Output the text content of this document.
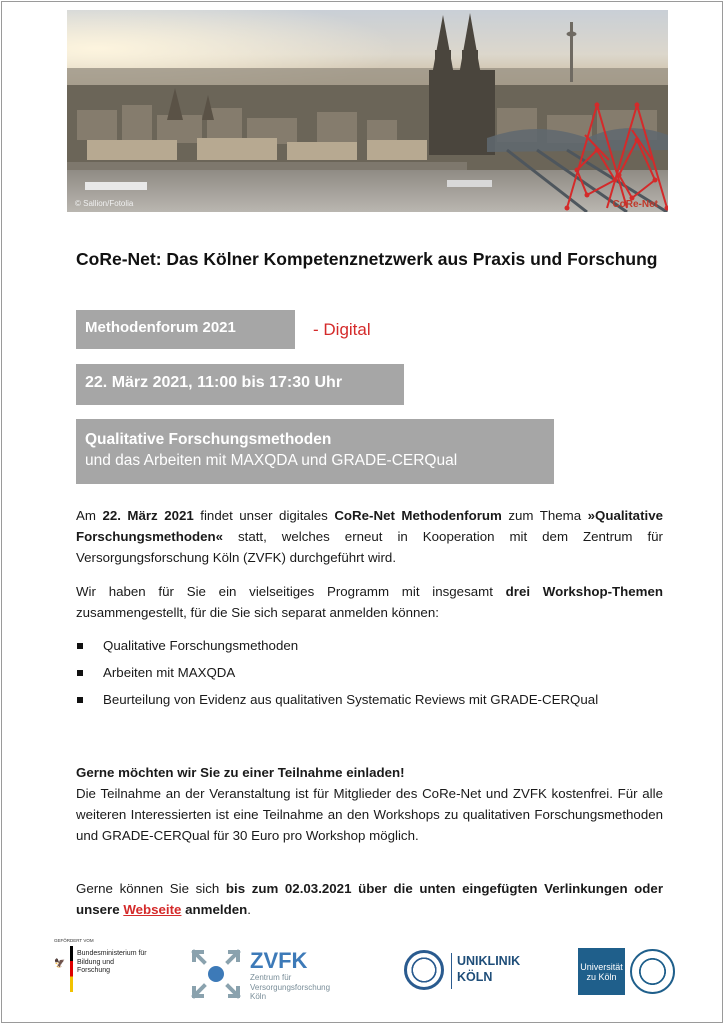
© Sallion/Fotolia	CoRe-Net
CoRe-Net: Das Kölner Kompetenznetzwerk aus Praxis und Forschung
Methodenforum 2021	- Digital
22. März 2021, 11:00 bis 17:30 Uhr
Qualitative Forschungsmethoden
und das Arbeiten mit MAXQDA und GRADE-CERQual

Am 22. März 2021 findet unser digitales CoRe-Net Methodenforum zum Thema »Qualitative Forschungsmethoden« statt, welches erneut in Kooperation mit dem Zentrum für Versorgungsforschung Köln (ZVFK) durchgeführt wird.

Wir haben für Sie ein vielseitiges Programm mit insgesamt drei Workshop-Themen zusammengestellt, für die Sie sich separat anmelden können:

Qualitative Forschungsmethoden
Arbeiten mit MAXQDA
Beurteilung von Evidenz aus qualitativen Systematic Reviews mit GRADE-CERQual
Gerne möchten wir Sie zu einer Teilnahme einladen!
Die Teilnahme an der Veranstaltung ist für Mitglieder des CoRe-Net und ZVFK kostenfrei. Für alle weiteren Interessierten ist eine Teilnahme an den Workshops zu qualitativen Forschungsmethoden und GRADE-CERQual für 30 Euro pro Workshop möglich.

Gerne können Sie sich bis zum 02.03.2021 über die unten eingefügten Verlinkungen oder unsere Webseite anmelden.

GEFÖRDERT VOM
🦅
Bundesministerium für Bildung und Forschung	ZVFK
Zentrum für
Versorgungsforschung
Köln
UNIKLINIK
KÖLN
Universität
zu Köln
